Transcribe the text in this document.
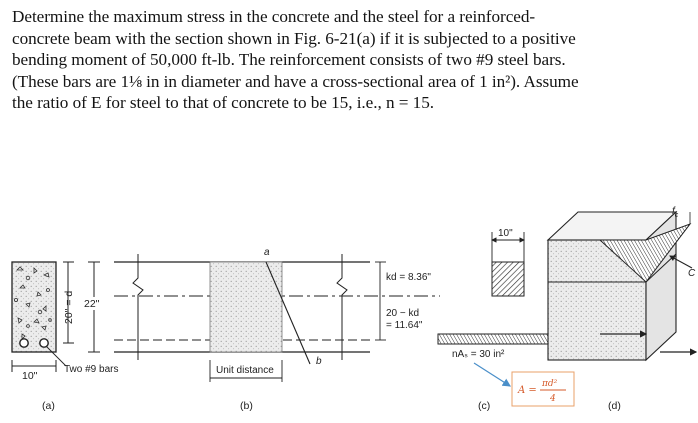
Determine the maximum stress in the concrete and the steel for a reinforced-

concrete beam with the section shown in Fig. 6-21(a) if it is subjected to a positive

bending moment of 50,000 ft-lb. The reinforcement consists of two #9 steel bars.

(These bars are 1⅛ in in diameter and have a cross-sectional area of 1 in²). Assume

the ratio of E for steel to that of concrete to be 15, i.e., n = 15.

20" = d 22"
Two #9 bars
10"
(a)
a
b
Unit distance
(b)
10"
kd = 8.36"
20 − kd
= 11.64"
nAₛ = 30 in²
A =
πd²
4
(c)
$f_c$
C
(d)
